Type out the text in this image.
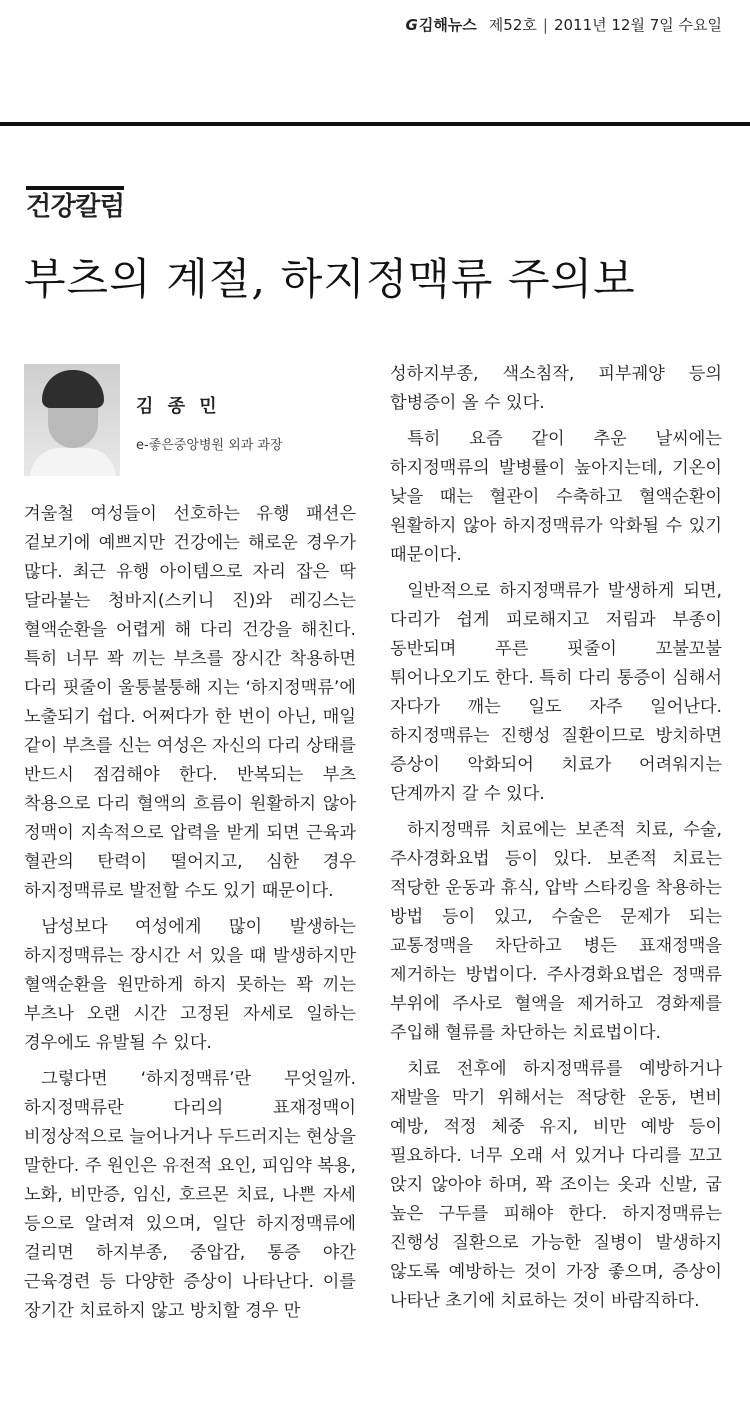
G 김해뉴스 제52호 | 2011년 12월 7일 수요일
건강칼럼
부츠의 계절, 하지정맥류 주의보
김 종 민
e-좋은중앙병원 외과 과장

겨울철 여성들이 선호하는 유행 패션은 겉보기에 예쁘지만 건강에는 해로운 경우가 많다. 최근 유행 아이템으로 자리 잡은 딱 달라붙는 청바지(스키니 진)와 레깅스는 혈액순환을 어렵게 해 다리 건강을 해친다. 특히 너무 꽉 끼는 부츠를 장시간 착용하면 다리 핏줄이 울퉁불퉁해 지는 ‘하지정맥류’에 노출되기 쉽다. 어쩌다가 한 번이 아닌, 매일 같이 부츠를 신는 여성은 자신의 다리 상태를 반드시 점검해야 한다. 반복되는 부츠 착용으로 다리 혈액의 흐름이 원활하지 않아 정맥이 지속적으로 압력을 받게 되면 근육과 혈관의 탄력이 떨어지고, 심한 경우 하지정맥류로 발전할 수도 있기 때문이다.

남성보다 여성에게 많이 발생하는 하지정맥류는 장시간 서 있을 때 발생하지만 혈액순환을 원만하게 하지 못하는 꽉 끼는 부츠나 오랜 시간 고정된 자세로 일하는 경우에도 유발될 수 있다.

그렇다면 ‘하지정맥류’란 무엇일까. 하지정맥류란 다리의 표재정맥이 비정상적으로 늘어나거나 두드러지는 현상을 말한다. 주 원인은 유전적 요인, 피임약 복용, 노화, 비만증, 임신, 호르몬 치료, 나쁜 자세 등으로 알려져 있으며, 일단 하지정맥류에 걸리면 하지부종, 중압감, 통증 야간 근육경련 등 다양한 증상이 나타난다. 이를 장기간 치료하지 않고 방치할 경우 만

성하지부종, 색소침작, 피부궤양 등의 합병증이 올 수 있다.

특히 요즘 같이 추운 날씨에는 하지정맥류의 발병률이 높아지는데, 기온이 낮을 때는 혈관이 수축하고 혈액순환이 원활하지 않아 하지정맥류가 악화될 수 있기 때문이다.

일반적으로 하지정맥류가 발생하게 되면, 다리가 쉽게 피로해지고 저림과 부종이 동반되며 푸른 핏줄이 꼬불꼬불 튀어나오기도 한다. 특히 다리 통증이 심해서 자다가 깨는 일도 자주 일어난다. 하지정맥류는 진행성 질환이므로 방치하면 증상이 악화되어 치료가 어려워지는 단계까지 갈 수 있다.

하지정맥류 치료에는 보존적 치료, 수술, 주사경화요법 등이 있다. 보존적 치료는 적당한 운동과 휴식, 압박 스타킹을 착용하는 방법 등이 있고, 수술은 문제가 되는 교통정맥을 차단하고 병든 표재정맥을 제거하는 방법이다. 주사경화요법은 정맥류 부위에 주사로 혈액을 제거하고 경화제를 주입해 혈류를 차단하는 치료법이다.

치료 전후에 하지정맥류를 예방하거나 재발을 막기 위해서는 적당한 운동, 변비 예방, 적정 체중 유지, 비만 예방 등이 필요하다. 너무 오래 서 있거나 다리를 꼬고 앉지 않아야 하며, 꽉 조이는 옷과 신발, 굽 높은 구두를 피해야 한다. 하지정맥류는 진행성 질환으로 가능한 질병이 발생하지 않도록 예방하는 것이 가장 좋으며, 증상이 나타난 초기에 치료하는 것이 바람직하다.
